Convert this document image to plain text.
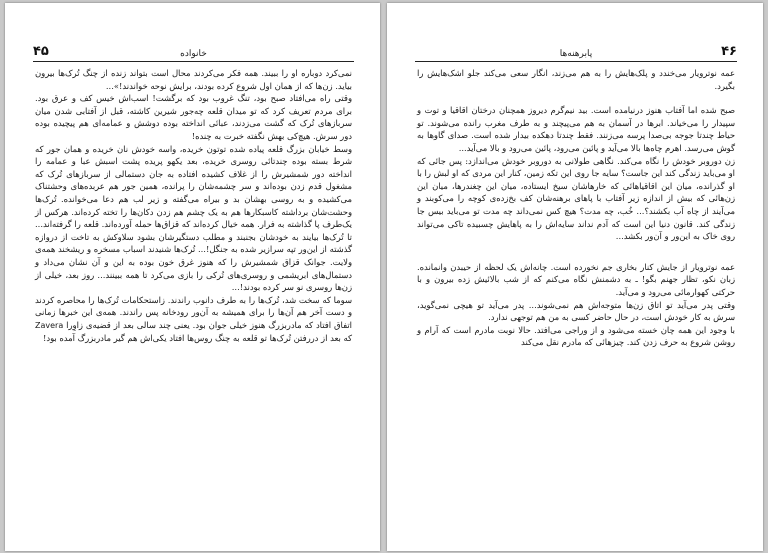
۴۵	خانواده

نمی‌کرد دوباره او را ببیند. همه فکر می‌کردند محال است بتواند زنده از چنگ تُرک‌ها بیرون بیاید. زن‌ها که از همان اول شروع کرده بودند، برایش نوحه خواندند!»...

وقتی راه می‌افتاد صبح بود، تنگ غروب بود که برگشت! اسب‌اش خیس کف و عرق بود. برای مردم تعریف کرد که تو میدان قلعه چه‌جور شیرین کاشته، قبل از آفتابی شدن میان سربازهای تُرک که گشت می‌زدند، عبائی انداخته بوده دوشش و عمامه‌ای هم پیچیده بوده دور سرش. هیچ‌کی بهش نگفته خبرت به چنده!

وسط خیابان بزرگ قلعه پیاده شده توتون خریده، واسه خودش نان خریده و همان جور که شرط بسته بوده چندتائی روسری خریده، بعد یکهو پریده پشت اسبش عبا و عمامه را انداخته دور شمشیرش را از غلاف کشیده افتاده به جان دستمالی از سربازهای تُرک که مشغول قدم زدن بوده‌اند و سر چشمه‌شان را پرانده، همین جور هم عربده‌های وحشتناک می‌کشیده و به روسی بهشان بد و بیراه می‌گفته و زیر لب هم دعا می‌خوانده. تُرک‌ها وحشت‌شان برداشته کاسبکارها هم به یک چشم هم زدن دکان‌ها را تخته کرده‌اند. هرکس از یک‌طرف پا گذاشته به فرار. همه خیال کرده‌اند که قزاق‌ها حمله آورده‌اند. قلعه را گرفته‌اند... تا تُرک‌ها بیایند به خودشان بجنبند و مطلب دستگیرشان بشود سلاوکش به تاخت از دروازه گذشته از این‌ور تپه سرازیر شده به جنگل!... تُرک‌ها شنیدند اسباب مسخره و ریشخند همه‌ی ولایت. جوانک قزاق شمشیرش را که هنوز غرق خون بوده به این و آن نشان می‌داد و دستمال‌های ابریشمی و روسری‌های تُرکی را بازی می‌کرد تا همه ببینند... روز بعد، خیلی از زن‌ها روسری نو سر کرده بودند!...

سوما که سخت شد، تُرک‌ها را به طرف دانوب راندند. زاستحکامات تُرک‌ها را محاصره کردند و دست آخر هم آن‌ها را برای همیشه به آن‌ور رودخانه پس راندند. همه‌ی این خبرها زمانی اتفاق افتاد که مادربزرگ هنوز خیلی جوان بود. یعنی چند سالی بعد از قضیه‌ی زاوِرا Zavera که بعد از دررفتن تُرک‌ها تو قلعه به چنگ روس‌ها افتاد یکی‌اش هم گیر مادربزرگ آمده بود!

۴۶
پابرهنه‌ها

عمه نوترویار می‌خندد و پلک‌هایش را به هم می‌زند، انگار سعی می‌کند جلو اشک‌هایش را بگیرد.

صبح شده اما آفتاب هنوز درنیامده است. بید نیم‌گرم دیروز همچنان درختان اقاقیا و توت و سپیدار را می‌خیاند. ابرها در آسمان به هم می‌پیچند و به طرف مغرب رانده می‌شوند. تو حیاط چندتا جوجه بی‌صدا پرسه می‌زنند. فقط چندتا دهکده بیدار شده است. صدای گاوها به گوش می‌رسد. اهرم چاه‌ها بالا می‌آید و پائین می‌رود، پائین می‌رود و بالا می‌آید...

زن دوروبر خودش را نگاه می‌کند. نگاهی طولانی به دوروبر خودش می‌اندازد: پس جائی که او می‌باید زندگی کند این جاست؟ سایه جا روی این تکه زمین، کنار این مردی که او لبش را با او گذرانده، میان این اقاقیاهائی که خارهاشان سیخ ایستاده، میان این چغندرها، میان این زن‌هائی که بیش از اندازه زیر آفتاب با پاهای برهنه‌شان کف بخ‌زده‌ی کوچه را می‌کوبند و می‌آیند از چاه آب بکشند؟... خُب، چه مدت؟ هیچ کس نمی‌داند چه مدت تو می‌باید بیس جا زندگی کند. قانون دنیا این است که آدم نداند سایه‌اش را به پاهایش چسبیده تاکی می‌تواند روی خاک به این‌ور و آن‌ور بکشد...

عمه نوترویار از جایش کنار بخاری جم نخورده است. چانه‌اش یک لحظه از حیبدن وانمانده. زبان نکو، تظار جهنم بگو! ـ به دشمنش نگاه می‌کنم که از شب بالائیش زده بیرون و با حرکتی کهوارمائی می‌رود و می‌آید.

وقتی پدر می‌آید تو اتاق زن‌ها متوجه‌اش هم نمی‌شوند... پدر می‌آید تو هیچی نمی‌گوید، سرش به کار خودش است، در حال حاضر کسی به من هم توجهی ندارد.

با وجود این همه چان خسته می‌شود و از وراجی می‌افتد. حالا نوبت مادرم است که آرام و روشن شروع به حرف زدن کند. چیزهائی که مادرم نقل می‌کند
